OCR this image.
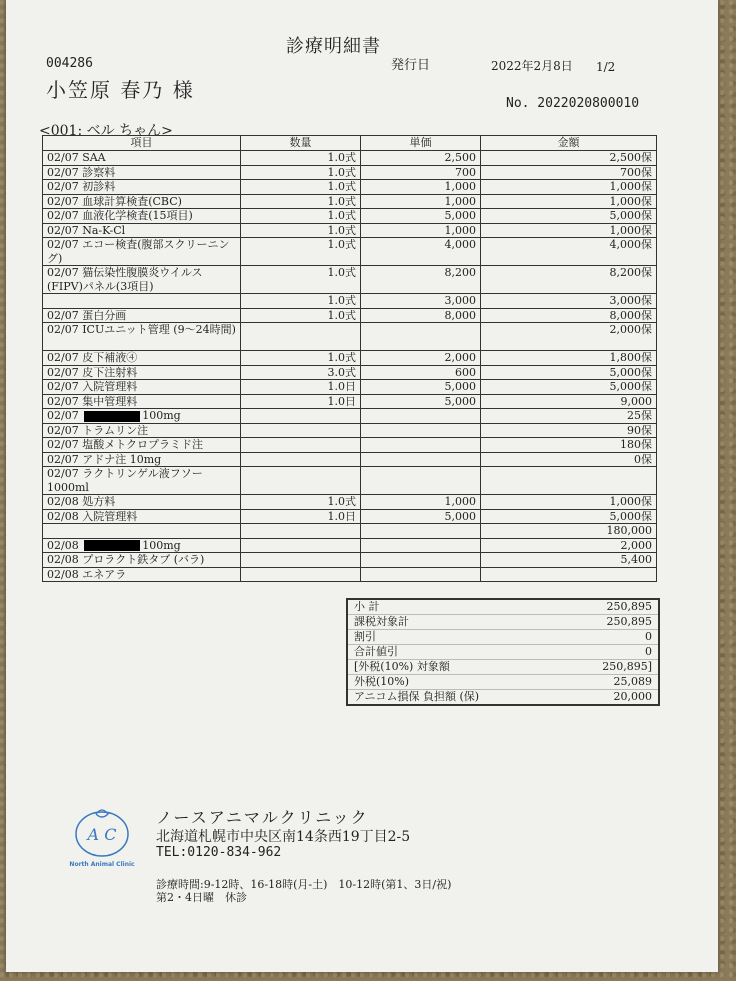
診療明細書
004286
小笠原 春乃 様
発行日	2022年2月8日 1/2
No. 2022020800010
<001: ベル ちゃん>
項目	数量	単価	金額
02/07 SAA	1.0式	2,500	2,500保
02/07 診察料	1.0式	700	700保
02/07 初診料	1.0式	1,000	1,000保
02/07 血球計算検査(CBC)	1.0式	1,000	1,000保
02/07 血液化学検査(15項目)	1.0式	5,000	5,000保
02/07 Na-K-Cl	1.0式	1,000	1,000保
02/07 エコー検査(腹部スクリーニング)	1.0式	4,000	4,000保
02/07 猫伝染性腹膜炎ウイルス(FIPV)パネル(3項目)	1.0式	8,200	8,200保
	1.0式	3,000	3,000保
02/07 蛋白分画	1.0式	8,000	8,000保
02/07 ICUユニット管理 (9～24時間)			2,000保
02/07 皮下補液④	1.0式	2,000	1,800保
02/07 皮下注射料	3.0式	600	5,000保
02/07 入院管理料	1.0日	5,000	5,000保
02/07 集中管理料	1.0日	5,000	9,000
02/07 100mg			25保
02/07 トラムリン注			90保
02/07 塩酸メトクロプラミド注			180保
02/07 アドナ注 10mg			0保
02/07 ラクトリンゲル液フソー1000ml			
02/08 処方料	1.0式	1,000	1,000保
02/08 入院管理料	1.0日	5,000	5,000保
			180,000
02/08 100mg			2,000
02/08 プロラクト鉄タブ (バラ)			5,400
02/08 エネアラ			
小 計	250,895
課税対象計	250,895
割引	0
合計値引	0
[外税(10%) 対象額	250,895]
外税(10%)	25,089
アニコム損保 負担額 (保)	20,000
A C
North Animal Clinic
ノースアニマルクリニック
北海道札幌市中央区南14条西19丁目2-5
TEL:0120-834-962
診療時間:9-12時、16-18時(月-土)　10-12時(第1、3日/祝)
第2・4日曜　休診
